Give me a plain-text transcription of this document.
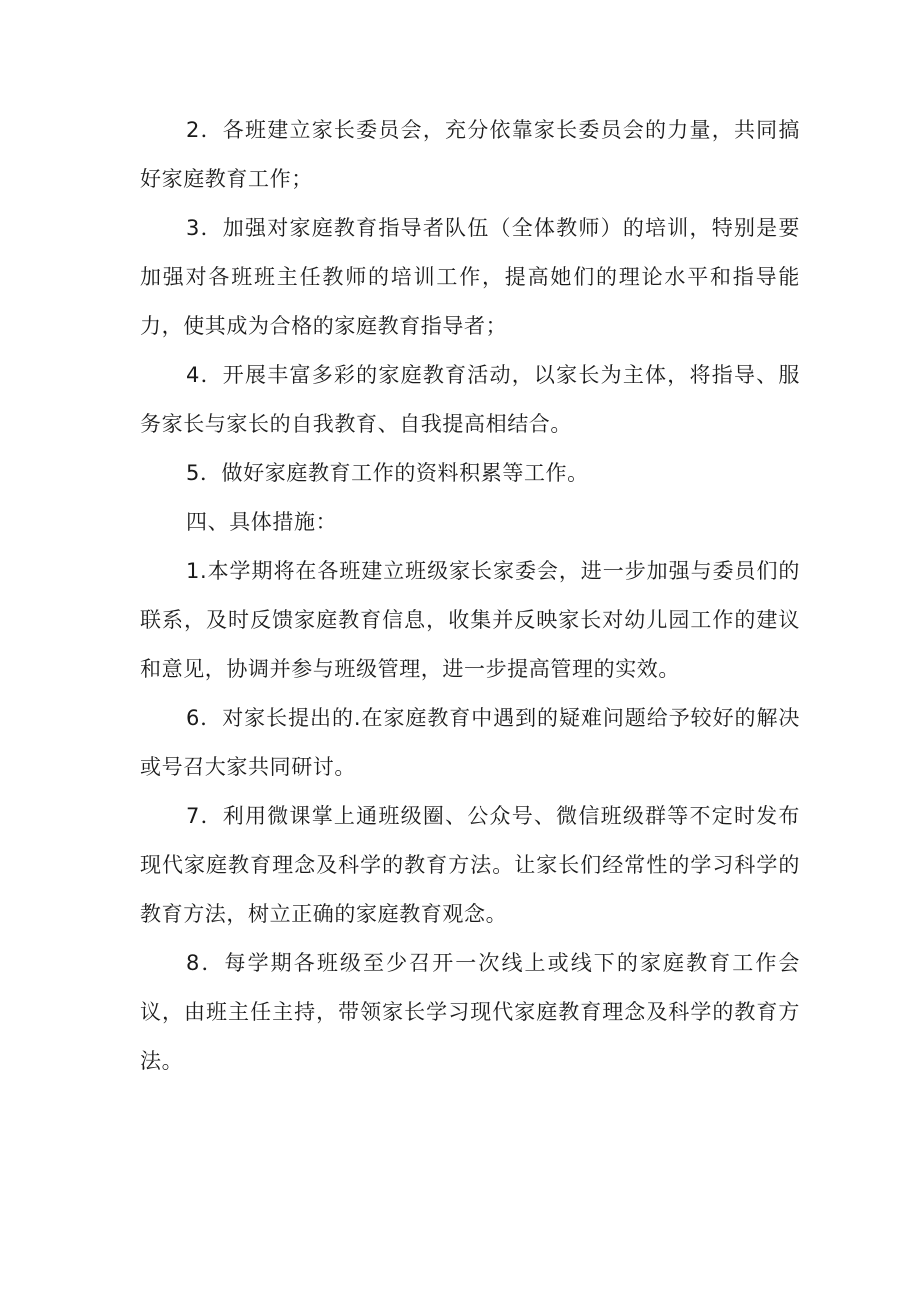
2．各班建立家长委员会，充分依靠家长委员会的力量，共同搞好家庭教育工作；

3．加强对家庭教育指导者队伍（全体教师）的培训，特别是要加强对各班班主任教师的培训工作，提高她们的理论水平和指导能力，使其成为合格的家庭教育指导者；

4．开展丰富多彩的家庭教育活动，以家长为主体，将指导、服务家长与家长的自我教育、自我提高相结合。

5．做好家庭教育工作的资料积累等工作。

四、具体措施：

1.本学期将在各班建立班级家长家委会，进一步加强与委员们的联系，及时反馈家庭教育信息，收集并反映家长对幼儿园工作的建议和意见，协调并参与班级管理，进一步提高管理的实效。

6．对家长提出的.在家庭教育中遇到的疑难问题给予较好的解决或号召大家共同研讨。

7．利用微课掌上通班级圈、公众号、微信班级群等不定时发布现代家庭教育理念及科学的教育方法。让家长们经常性的学习科学的教育方法，树立正确的家庭教育观念。

8．每学期各班级至少召开一次线上或线下的家庭教育工作会议，由班主任主持，带领家长学习现代家庭教育理念及科学的教育方法。
